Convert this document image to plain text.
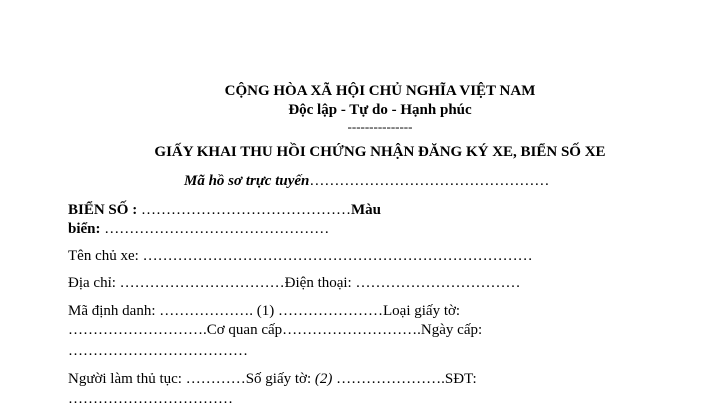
CỘNG HÒA XÃ HỘI CHỦ NGHĨA VIỆT NAM
Độc lập - Tự do - Hạnh phúc
---------------
GIẤY KHAI THU HỒI CHỨNG NHẬN ĐĂNG KÝ XE, BIỂN SỐ XE
Mã hồ sơ trực tuyến…………………………………………
BIỂN SỐ : ……………………………………Màu
biển: ………………………………………
Tên chủ xe: ……………………………………………………………………
Địa chỉ: ……………………………Điện thoại: ……………………………
Mã định danh: ………………. (1) …………………Loại giấy tờ:
……………………….Cơ quan cấp……………………….Ngày cấp:
………………………………
Người làm thủ tục: …………Số giấy tờ: (2) ………………….SĐT:
……………………………
